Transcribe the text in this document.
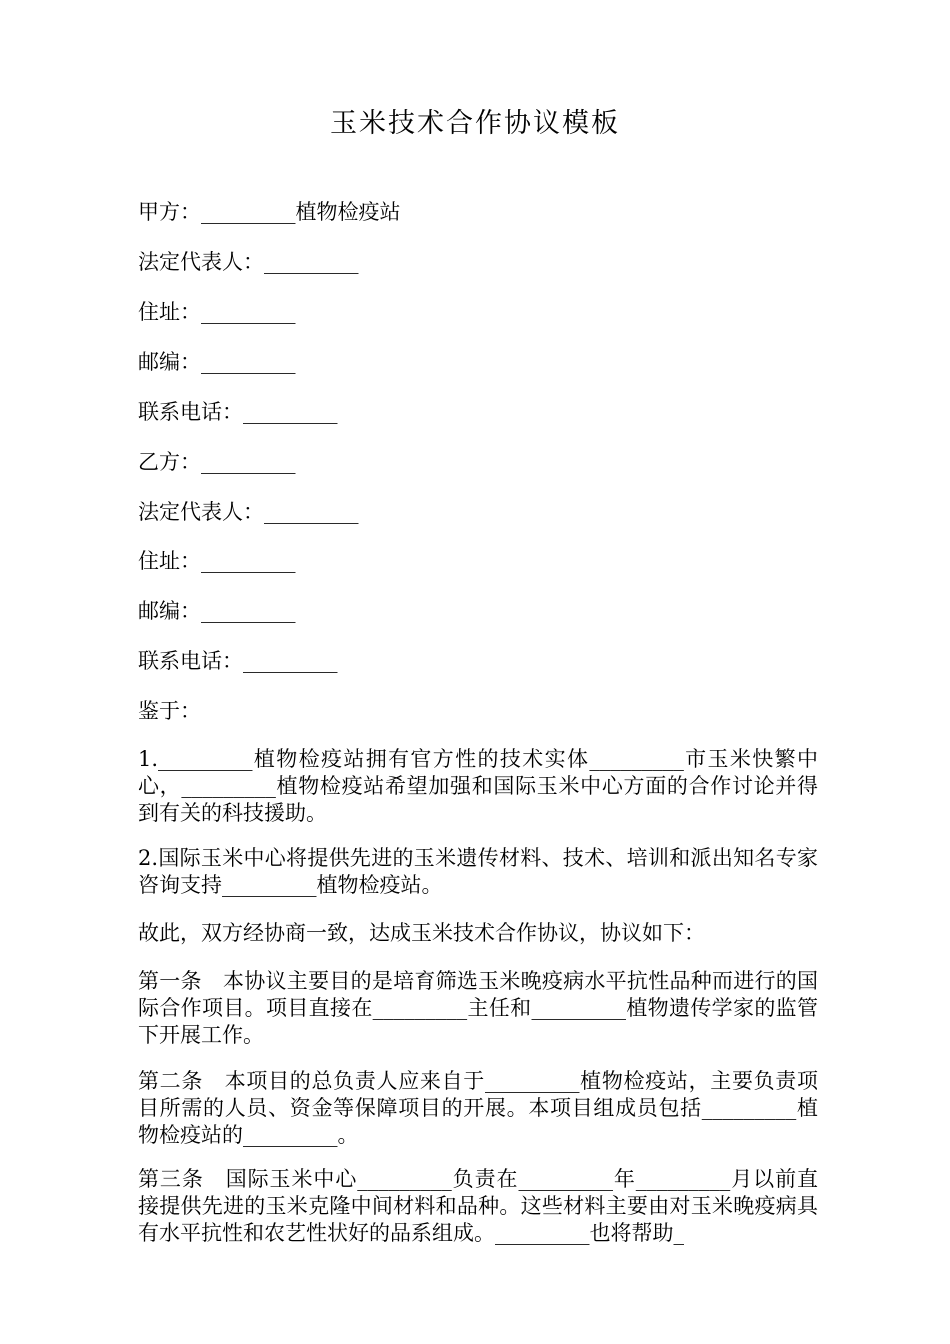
玉米技术合作协议模板
甲方：_________植物检疫站
法定代表人：_________
住址：_________
邮编：_________
联系电话：_________
乙方：_________
法定代表人：_________
住址：_________
邮编：_________
联系电话：_________
鉴于：
1._________植物检疫站拥有官方性的技术实体_________市玉米快繁中心，_________植物检疫站希望加强和国际玉米中心方面的合作讨论并得到有关的科技援助。
2.国际玉米中心将提供先进的玉米遗传材料、技术、培训和派出知名专家咨询支持_________植物检疫站。
故此，双方经协商一致，达成玉米技术合作协议，协议如下：
第一条　本协议主要目的是培育筛选玉米晚疫病水平抗性品种而进行的国际合作项目。项目直接在_________主任和_________植物遗传学家的监管下开展工作。
第二条　本项目的总负责人应来自于_________植物检疫站，主要负责项目所需的人员、资金等保障项目的开展。本项目组成员包括_________植物检疫站的_________。
第三条　国际玉米中心_________负责在_________年_________月以前直接提供先进的玉米克隆中间材料和品种。这些材料主要由对玉米晚疫病具有水平抗性和农艺性状好的品系组成。_________也将帮助_
